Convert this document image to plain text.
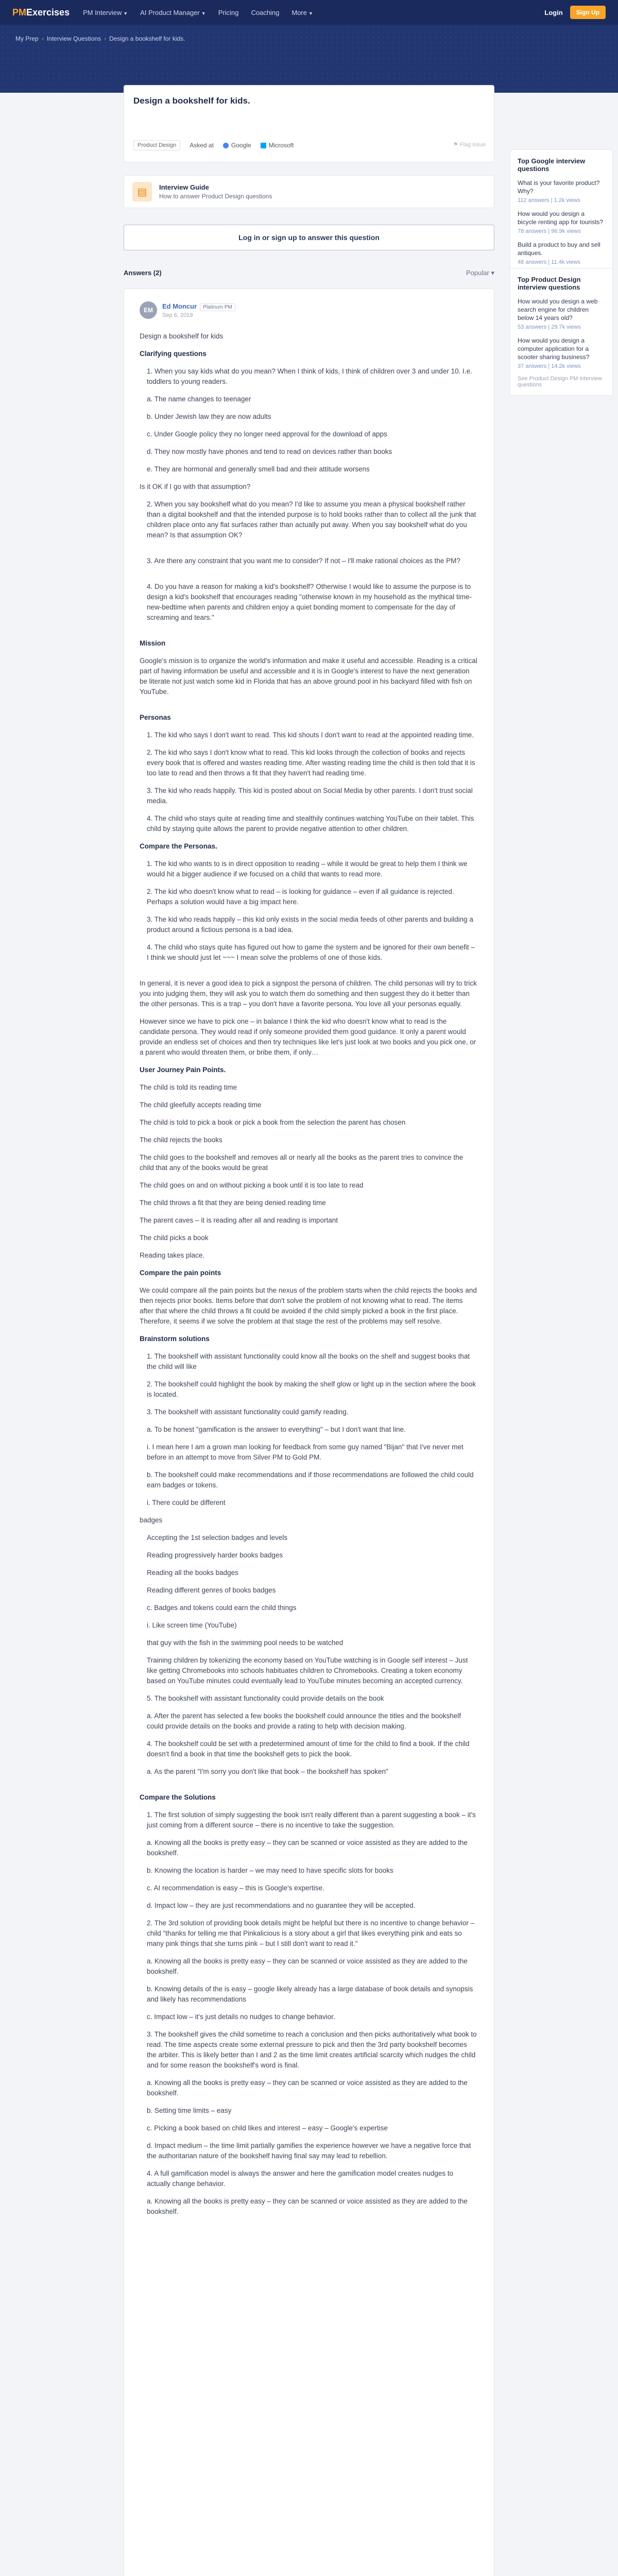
PMExercises PM Interview ▼ AI Product Manager ▼ Pricing Coaching More ▼	Login	Sign Up
My Prep › Interview Questions › Design a bookshelf for kids.
Design a bookshelf for kids.
Product Design	Asked at	Google	Microsoft	⚑ Flag issue
▤	Interview Guide
How to answer Product Design questions
Log in or sign up to answer this question
Answers (2)	Popular ▾
EM	Ed Moncur Platinum PM
Sep 6, 2019

Design a bookshelf for kids

Clarifying questions

1. When you say kids what do you mean? When I think of kids, I think of children over 3 and under 10. I.e. toddlers to young readers.

a. The name changes to teenager

b. Under Jewish law they are now adults

c. Under Google policy they no longer need approval for the download of apps

d. They now mostly have phones and tend to read on devices rather than books

e. They are hormonal and generally smell bad and their attitude worsens

Is it OK if I go with that assumption?

2. When you say bookshelf what do you mean? I'd like to assume you mean a physical bookshelf rather than a digital bookshelf and that the intended purpose is to hold books rather than to collect all the junk that children place onto any flat surfaces rather than actually put away. When you say bookshelf what do you mean? Is that assumption OK?

3. Are there any constraint that you want me to consider? If not – I'll make rational choices as the PM?

4. Do you have a reason for making a kid's bookshelf? Otherwise I would like to assume the purpose is to design a kid's bookshelf that encourages reading "otherwise known in my household as the mythical time-new-bedtime when parents and children enjoy a quiet bonding moment to compensate for the day of screaming and tears."

Mission

Google's mission is to organize the world's information and make it useful and accessible. Reading is a critical part of having information be useful and accessible and it is in Google's interest to have the next generation be literate not just watch some kid in Florida that has an above ground pool in his backyard filled with fish on YouTube.

Personas

1. The kid who says I don't want to read. This kid shouts I don't want to read at the appointed reading time.

2. The kid who says I don't know what to read. This kid looks through the collection of books and rejects every book that is offered and wastes reading time. After wasting reading time the child is then told that it is too late to read and then throws a fit that they haven't had reading time.

3. The kid who reads happily. This kid is posted about on Social Media by other parents. I don't trust social media.

4. The child who stays quite at reading time and stealthily continues watching YouTube on their tablet. This child by staying quite allows the parent to provide negative attention to other children.

Compare the Personas.

1. The kid who wants to is in direct opposition to reading – while it would be great to help them I think we would hit a bigger audience if we focused on a child that wants to read more.

2. The kid who doesn't know what to read – is looking for guidance – even if all guidance is rejected. Perhaps a solution would have a big impact here.

3. The kid who reads happily – this kid only exists in the social media feeds of other parents and building a product around a fictious persona is a bad idea.

4. The child who stays quite has figured out how to game the system and be ignored for their own benefit – I think we should just let ~~~ I mean solve the problems of one of those kids.

In general, it is never a good idea to pick a signpost the persona of children. The child personas will try to trick you into judging them, they will ask you to watch them do something and then suggest they do it better than the other personas. This is a trap – you don't have a favorite persona. You love all your personas equally.

However since we have to pick one – in balance I think the kid who doesn't know what to read is the candidate persona. They would read if only someone provided them good guidance. It only a parent would provide an endless set of choices and then try techniques like let's just look at two books and you pick one, or a parent who would threaten them, or bribe them, if only…

User Journey Pain Points.

The child is told its reading time

The child gleefully accepts reading time

The child is told to pick a book or pick a book from the selection the parent has chosen

The child rejects the books

The child goes to the bookshelf and removes all or nearly all the books as the parent tries to convince the child that any of the books would be great

The child goes on and on without picking a book until it is too late to read

The child throws a fit that they are being denied reading time

The parent caves – it is reading after all and reading is important

The child picks a book

Reading takes place.

Compare the pain points

We could compare all the pain points but the nexus of the problem starts when the child rejects the books and then rejects prior books. Items before that don't solve the problem of not knowing what to read. The items after that where the child throws a fit could be avoided if the child simply picked a book in the first place. Therefore, it seems if we solve the problem at that stage the rest of the problems may self resolve.

Brainstorm solutions

1. The bookshelf with assistant functionality could know all the books on the shelf and suggest books that the child will like

2. The bookshelf could highlight the book by making the shelf glow or light up in the section where the book is located.

3. The bookshelf with assistant functionality could gamify reading.

a. To be honest "gamification is the answer to everything" – but I don't want that line.

i. I mean here I am a grown man looking for feedback from some guy named "Bijan" that I've never met before in an attempt to move from Silver PM to Gold PM.

b. The bookshelf could make recommendations and if those recommendations are followed the child could earn badges or tokens.

i. There could be different

badges

Accepting the 1st selection badges and levels

Reading progressively harder books badges

Reading all the books badges

Reading different genres of books badges

c. Badges and tokens could earn the child things

i. Like screen time (YouTube)

that guy with the fish in the swimming pool needs to be watched

Training children by tokenizing the economy based on YouTube watching is in Google self interest – Just like getting Chromebooks into schools habituates children to Chromebooks. Creating a token economy based on YouTube minutes could eventually lead to YouTube minutes becoming an accepted currency.

5. The bookshelf with assistant functionality could provide details on the book

a. After the parent has selected a few books the bookshelf could announce the titles and the bookshelf could provide details on the books and provide a rating to help with decision making.

4. The bookshelf could be set with a predetermined amount of time for the child to find a book. If the child doesn't find a book in that time the bookshelf gets to pick the book.

a. As the parent "I'm sorry you don't like that book – the bookshelf has spoken"

Compare the Solutions

1. The first solution of simply suggesting the book isn't really different than a parent suggesting a book – it's just coming from a different source – there is no incentive to take the suggestion.

a. Knowing all the books is pretty easy – they can be scanned or voice assisted as they are added to the bookshelf.

b. Knowing the location is harder – we may need to have specific slots for books

c. AI recommendation is easy – this is Google's expertise.

d. Impact low – they are just recommendations and no guarantee they will be accepted.

2. The 3rd solution of providing book details might be helpful but there is no incentive to change behavior – child "thanks for telling me that Pinkalicious is a story about a girl that likes everything pink and eats so many pink things that she turns pink – but I still don't want to read it."

a. Knowing all the books is pretty easy – they can be scanned or voice assisted as they are added to the bookshelf.

b. Knowing details of the is easy – google likely already has a large database of book details and synopsis and likely has recommendations

c. Impact low – it's just details no nudges to change behavior.

3. The bookshelf gives the child sometime to reach a conclusion and then picks authoritatively what book to read. The time aspects create some external pressure to pick and then the 3rd party bookshelf becomes the arbiter. This is likely better than I and 2 as the time limit creates artificial scarcity which nudges the child and for some reason the bookshelf's word is final.

a. Knowing all the books is pretty easy – they can be scanned or voice assisted as they are added to the bookshelf.

b. Setting time limits – easy

c. Picking a book based on child likes and interest – easy – Google's expertise

d. Impact medium – the time limit partially gamifies the experience however we have a negative force that the authoritarian nature of the bookshelf having final say may lead to rebellion.

4. A full gamification model is always the answer and here the gamification model creates nudges to actually change behavior.

a. Knowing all the books is pretty easy – they can be scanned or voice assisted as they are added to the bookshelf.

Top Google interview questions
What is your favorite product? Why?
112 answers | 1.2k views
How would you design a bicycle renting app for tourists?
78 answers | 96.9k views
Build a product to buy and sell antiques.
48 answers | 11.4k views
Top Product Design interview questions
How would you design a web search engine for children below 14 years old?
53 answers | 29.7k views
How would you design a computer application for a scooter sharing business?
37 answers | 14.2k views
See Product Design PM interview questions
